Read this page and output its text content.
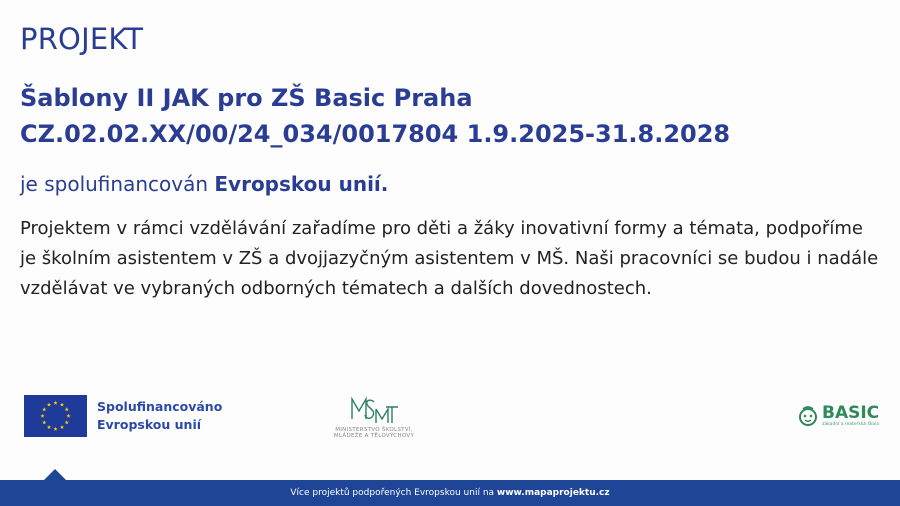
PROJEKT
Šablony II JAK pro ZŠ Basic Praha
CZ.02.02.XX/00/24_034/0017804 1.9.2025-31.8.2028
je spolufinancován Evropskou unií.
Projektem v rámci vzdělávání zařadíme pro děti a žáky inovativní formy a témata, podpoříme je školním asistentem v ZŠ a dvojjazyčným asistentem v MŠ. Naši pracovníci se budou i nadále vzdělávat ve vybraných odborných tématech a dalších dovednostech.
Spolufinancováno
Evropskou unií	MINISTERSTVO ŠKOLSTVÍ,
MLÁDEŽE A TĚLOVÝCHOVY
BASIC
zákadní a mateřská škola
Více projektů podpořených Evropskou unií na www.mapaprojektu.cz
